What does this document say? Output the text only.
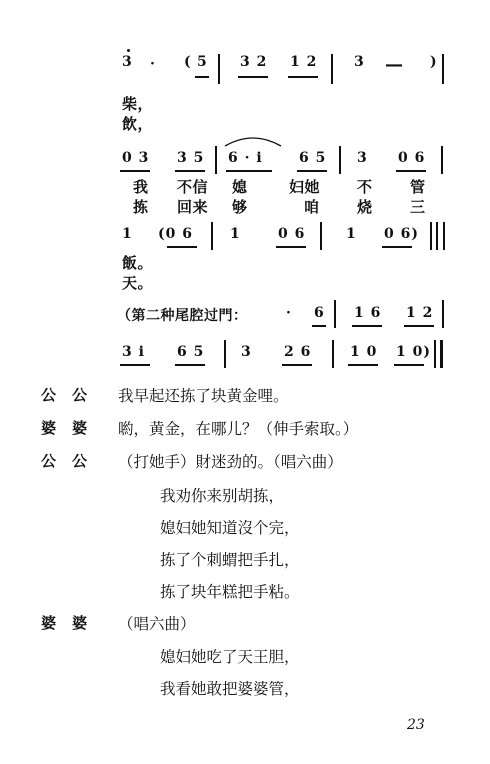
3 · ( 5 3 2 1 2	3 — )
柴，
飲，
0 3 3 5 6 · i	6 5 3 0 6
我 不信 媳	妇她 不 管
拣 回来 够	咱 烧 三
1 (0 6	1	0 6	1 0 6)
飯。
天。
（第二种尾腔过門：	· 6 1 6 1 2
3 i 6 5	3 2 6	1 0 1 0)
公公 我早起还拣了块黄金哩。
婆婆 喲，黄金，在哪儿？（伸手索取。）
公公 （打她手）財迷劲的。（唱六曲）
我劝你来别胡拣，
媳妇她知道沒个完，
拣了个刺蝟把手扎，
拣了块年糕把手粘。
婆婆 （唱六曲）
媳妇她吃了天王胆，
我看她敢把婆婆管，
23
